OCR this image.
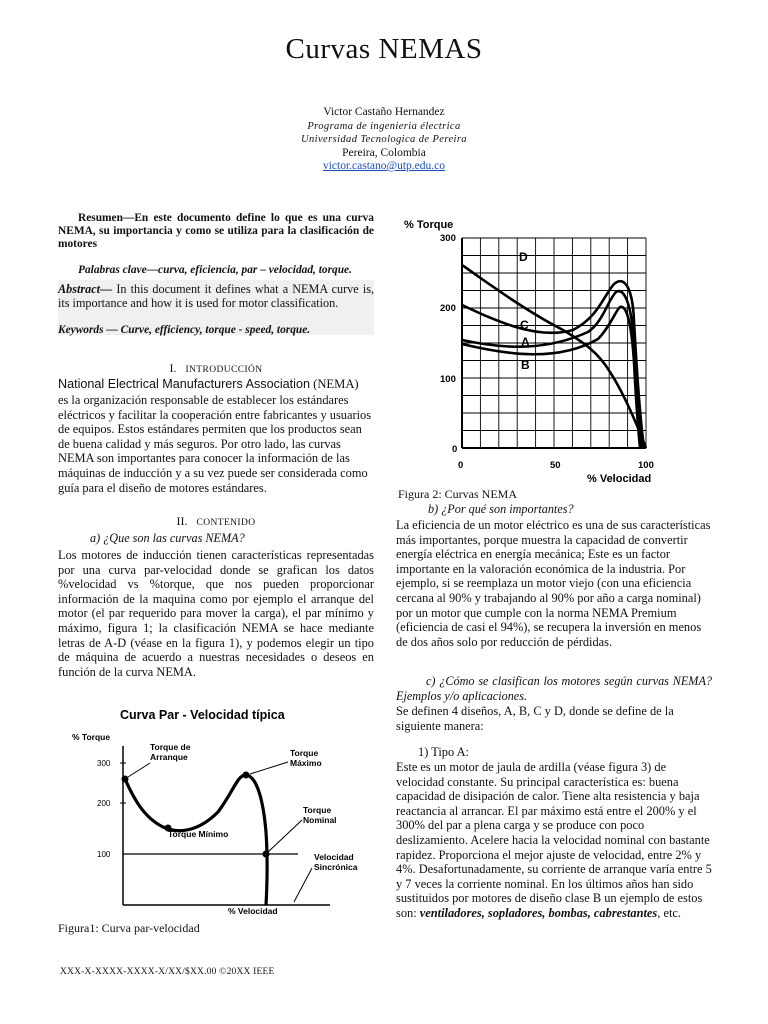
Curvas NEMAS
Victor Castaño Hernandez
Programa de ingenieria électrica
Universidad Tecnologica de Pereira
Pereira, Colombia
victor.castano@utp.edu.co
Resumen—En este documento define lo que es una curva NEMA, su importancia y como se utiliza para la clasificación de motores
Palabras clave—curva, eficiencia, par – velocidad, torque.
Abstract— In this document it defines what a NEMA curve is, its importance and how it is used for motor classification.
Keywords — Curve, efficiency, torque - speed, torque.
I. INTRODUCCIÓN
National Electrical Manufacturers Association (NEMA)
es la organización responsable de establecer los estándares eléctricos y facilitar la cooperación entre fabricantes y usuarios de equipos. Estos estándares permiten que los productos sean de buena calidad y más seguros. Por otro lado, las curvas NEMA son importantes para conocer la información de las máquinas de inducción y a su vez puede ser considerada como guía para el diseño de motores estándares.
II. CONTENIDO
a) ¿Que son las curvas NEMA?
Los motores de inducción tienen características representadas por una curva par-velocidad donde se grafican los datos %velocidad vs %torque, que nos pueden proporcionar información de la maquina como por ejemplo el arranque del motor (el par requerido para mover la carga), el par mínimo y máximo, figura 1; la clasificación NEMA se hace mediante letras de A-D (véase en la figura 1), y podemos elegir un tipo de máquina de acuerdo a nuestras necesidades o deseos en función de la curva NEMA.
Curva Par - Velocidad típica
% Torque
300
200
100
Torque de
Arranque	Torque
Máximo
Torque
Nominal
Torque Mínimo
Velocidad
Sincrónica
% Velocidad
Figura1: Curva par-velocidad
% Torque
300
200
100
0
0	50	100
% Velocidad
D
C
A
B
Figura 2: Curvas NEMA
b) ¿Por qué son importantes?
La eficiencia de un motor eléctrico es una de sus características más importantes, porque muestra la capacidad de convertir energía eléctrica en energía mecánica; Este es un factor importante en la valoración económica de la industria. Por ejemplo, si se reemplaza un motor viejo (con una eficiencia cercana al 90% y trabajando al 90% por año a carga nominal) por un motor que cumple con la norma NEMA Premium (eficiencia de casi el 94%), se recupera la inversión en menos de dos años solo por reducción de pérdidas.
c) ¿Cómo se clasifican los motores según curvas NEMA? Ejemplos y/o aplicaciones.
Se definen 4 diseños, A, B, C y D, donde se define de la siguiente manera:
1) Tipo A:
Este es un motor de jaula de ardilla (véase figura 3) de velocidad constante. Su principal característica es: buena capacidad de disipación de calor. Tiene alta resistencia y baja reactancia al arrancar. El par máximo está entre el 200% y el 300% del par a plena carga y se produce con poco deslizamiento. Acelere hacia la velocidad nominal con bastante rapidez. Proporciona el mejor ajuste de velocidad, entre 2% y 4%. Desafortunadamente, su corriente de arranque varía entre 5 y 7 veces la corriente nominal. En los últimos años han sido sustituidos por motores de diseño clase B un ejemplo de estos son: ventiladores, sopladores, bombas, cabrestantes, etc.
XXX-X-XXXX-XXXX-X/XX/$XX.00 ©20XX IEEE
